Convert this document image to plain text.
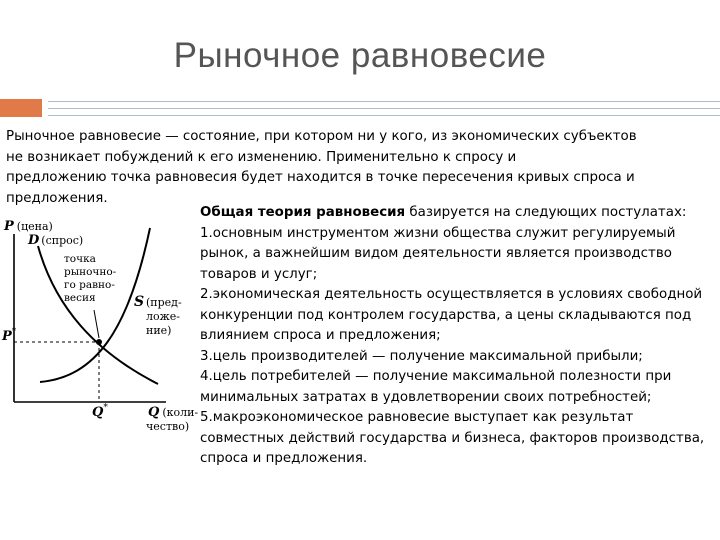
Рыночное равновесие
Рыночное равновесие — состояние, при котором ни у кого, из экономических субъектов
не возникает побуждений к его изменению. Применительно к спросу и
предложению точка равновесия будет находится в точке пересечения кривых спроса и
предложения.
Общая теория равновесия базируется на следующих постулатах:
1.основным инструментом жизни общества служит регулируемый рынок, а важнейшим видом деятельности является производство товаров и услуг;
2.экономическая деятельность осуществляется в условиях свободной конкуренции под контролем государства, а цены складываются под влиянием спроса и предложения;
3.цель производителей — получение максимальной прибыли;
4.цель потребителей — получение максимальной полезности при минимальных затратах в удовлетворении своих потребностей;
5.макроэкономическое равновесие выступает как результат совместных действий государства и бизнеса, факторов производства, спроса и предложения.
P (цена)
D (спрос)
точка
рыночно-
го равно-
весия	S (пред-
ложе-
ние)
P*
Q*	Q (коли-
чество)
